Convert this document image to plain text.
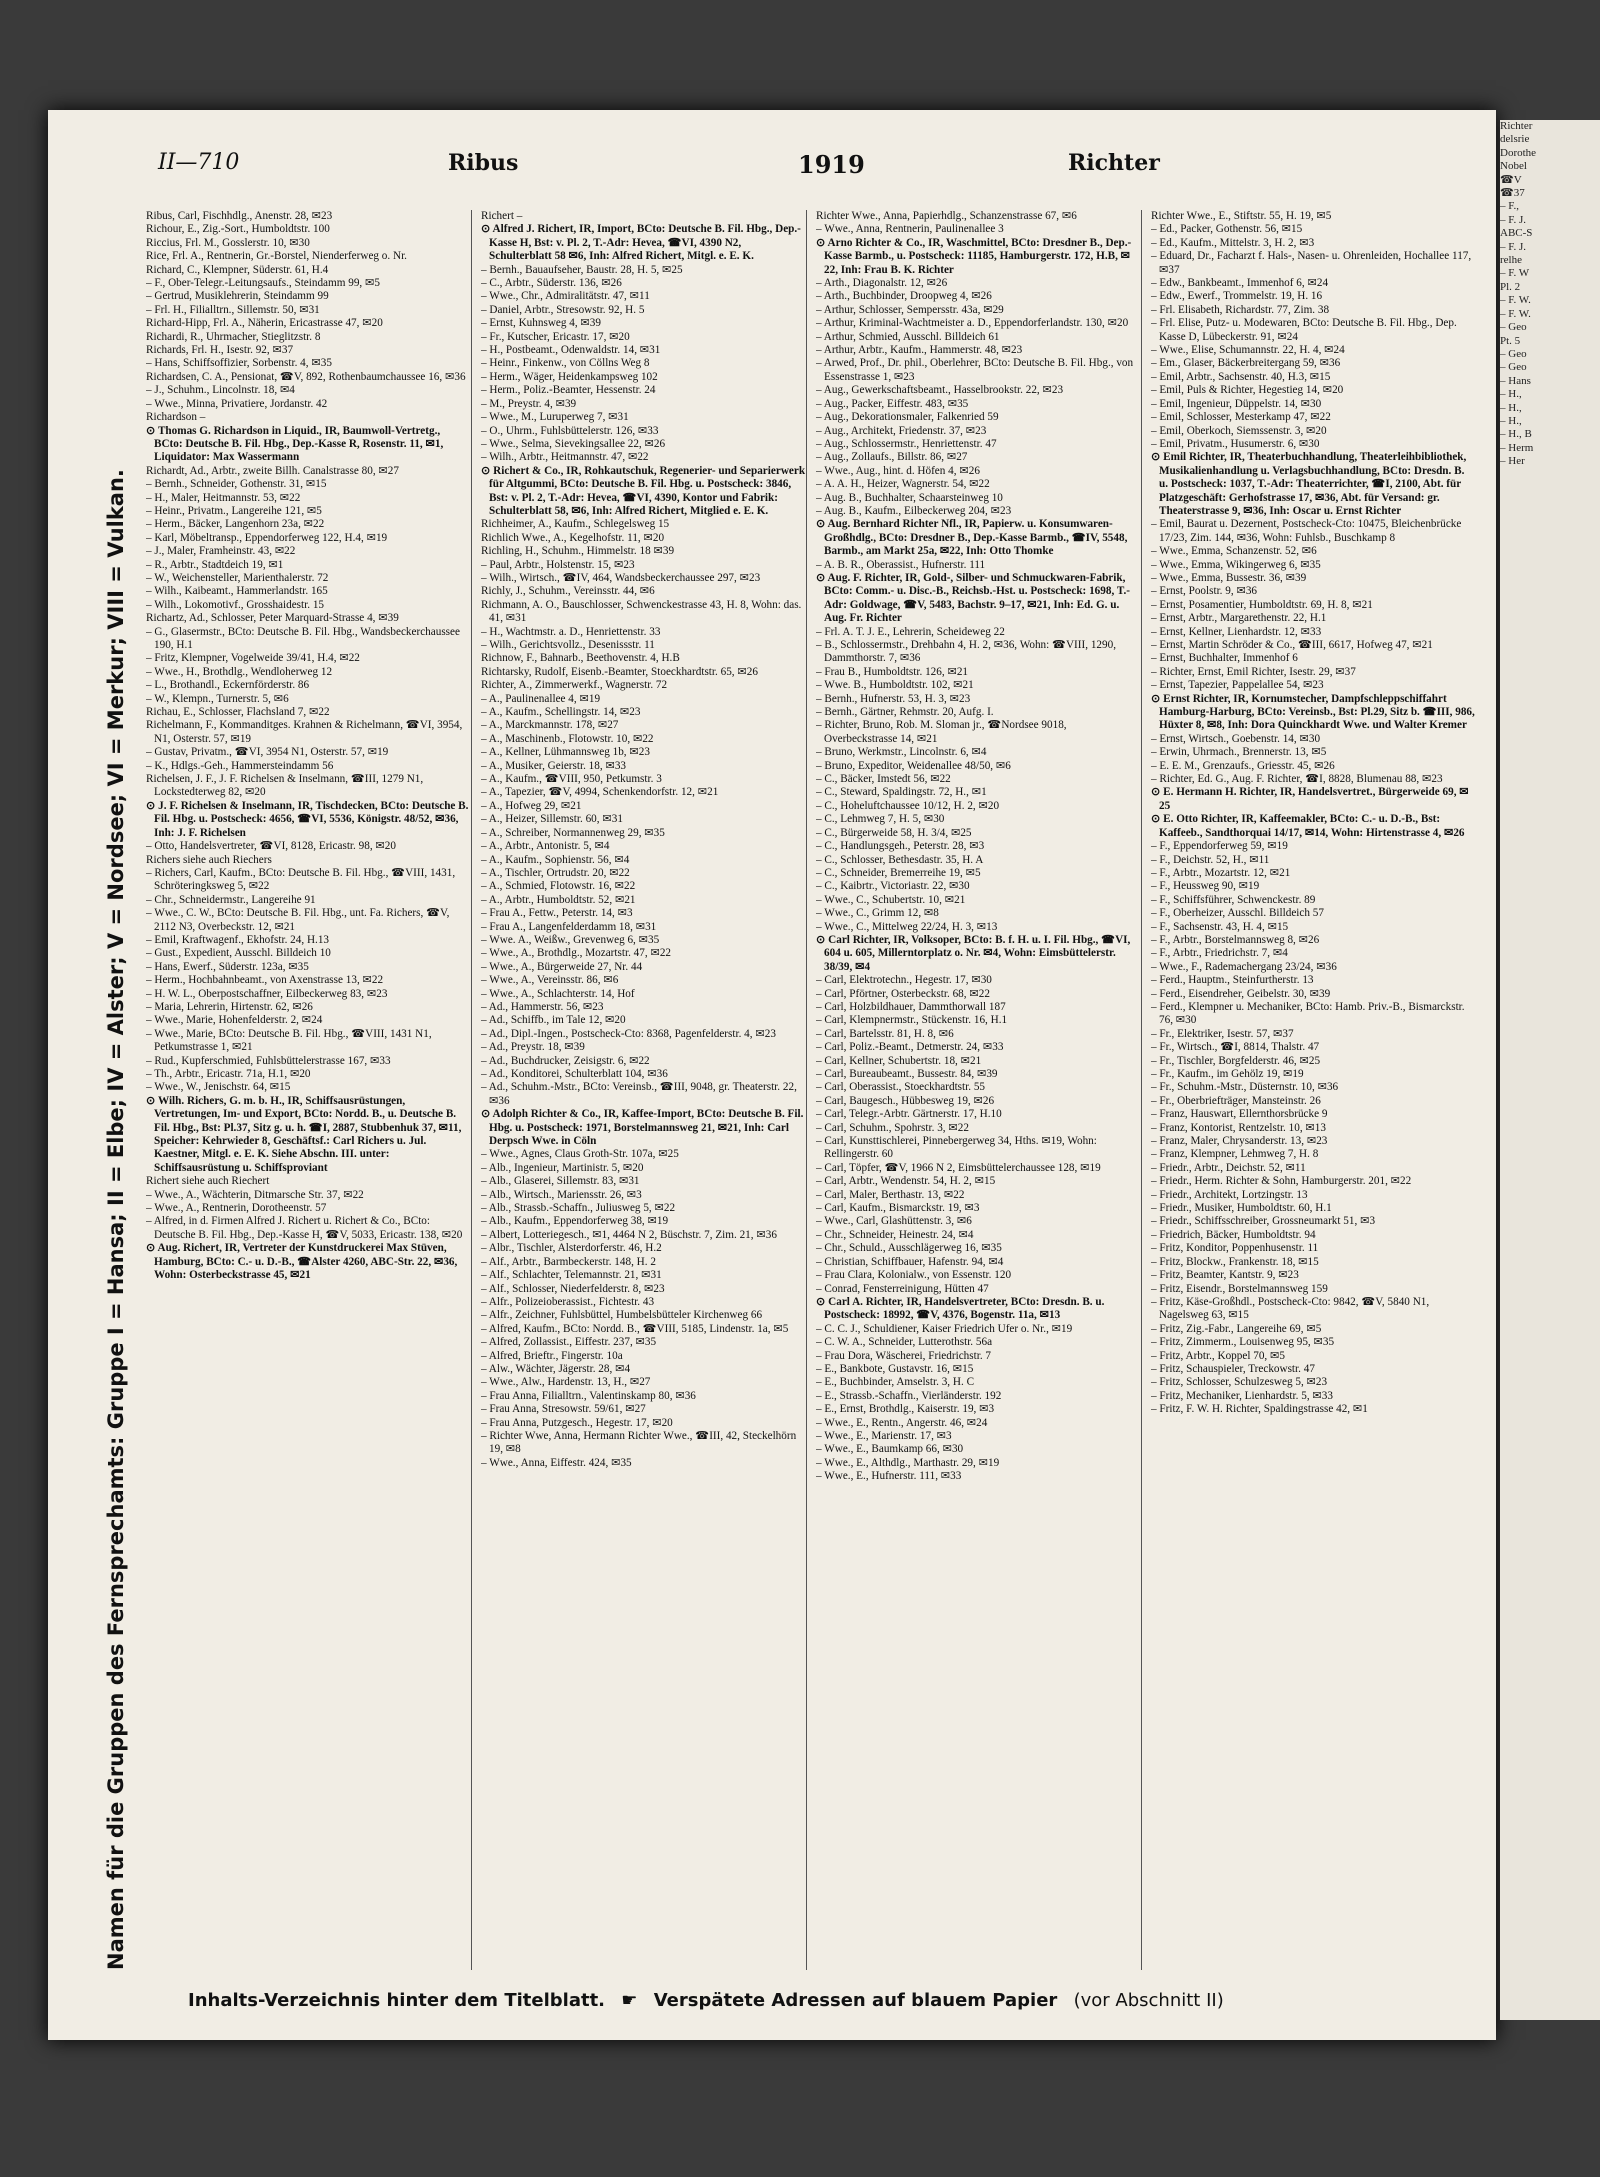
II—710	Ribus	1919	Richter
Namen für die Gruppen des Fernsprechamts: Gruppe I = Hansa; II = Elbe; IV = Alster; V = Nordsee; VI = Merkur; VIII = Vulkan.

Ribus, Carl, Fischhdlg., Anenstr. 28, ✉23

Richour, E., Zig.-Sort., Humboldtstr. 100

Riccius, Frl. M., Gosslerstr. 10, ✉30

Rice, Frl. A., Rentnerin, Gr.-Borstel, Nienderferweg o. Nr.

Richard, C., Klempner, Süderstr. 61, H.4

– F., Ober-Telegr.-Leitungsaufs., Steindamm 99, ✉5

– Gertrud, Musiklehrerin, Steindamm 99

– Frl. H., Filialltrn., Sillemstr. 50, ✉31

Richard-Hipp, Frl. A., Näherin, Ericastrasse 47, ✉20

Richardi, R., Uhrmacher, Stieglitzstr. 8

Richards, Frl. H., Isestr. 92, ✉37

– Hans, Schiffsoffizier, Sorbenstr. 4, ✉35

Richardsen, C. A., Pensionat, ☎V, 892, Rothenbaumchaussee 16, ✉36

– J., Schuhm., Lincolnstr. 18, ✉4

– Wwe., Minna, Privatiere, Jordanstr. 42

Richardson –

⊙ Thomas G. Richardson in Liquid., IR, Baumwoll-Vertretg., BCto: Deutsche B. Fil. Hbg., Dep.-Kasse R, Rosenstr. 11, ✉1, Liquidator: Max Wassermann

Richardt, Ad., Arbtr., zweite Billh. Canalstrasse 80, ✉27

– Bernh., Schneider, Gothenstr. 31, ✉15

– H., Maler, Heitmannstr. 53, ✉22

– Heinr., Privatm., Langereihe 121, ✉5

– Herm., Bäcker, Langenhorn 23a, ✉22

– Karl, Möbeltransp., Eppendorferweg 122, H.4, ✉19

– J., Maler, Framheinstr. 43, ✉22

– R., Arbtr., Stadtdeich 19, ✉1

– W., Weichensteller, Marienthalerstr. 72

– Wilh., Kaibeamt., Hammerlandstr. 165

– Wilh., Lokomotivf., Grosshaidestr. 15

Richartz, Ad., Schlosser, Peter Marquard-Strasse 4, ✉39

– G., Glasermstr., BCto: Deutsche B. Fil. Hbg., Wandsbeckerchaussee 190, H.1

– Fritz, Klempner, Vogelweide 39/41, H.4, ✉22

– Wwe., H., Brothdlg., Wendloherweg 12

– L., Brothandl., Eckernförderstr. 86

– W., Klempn., Turnerstr. 5, ✉6

Richau, E., Schlosser, Flachsland 7, ✉22

Richelmann, F., Kommanditges. Krahnen & Richelmann, ☎VI, 3954, N1, Osterstr. 57, ✉19

– Gustav, Privatm., ☎VI, 3954 N1, Osterstr. 57, ✉19

– K., Hdlgs.-Geh., Hammersteindamm 56

Richelsen, J. F., J. F. Richelsen & Inselmann, ☎III, 1279 N1, Lockstedterweg 82, ✉20

⊙ J. F. Richelsen & Inselmann, IR, Tischdecken, BCto: Deutsche B. Fil. Hbg. u. Postscheck: 4656, ☎VI, 5536, Königstr. 48/52, ✉36, Inh: J. F. Richelsen

– Otto, Handelsvertreter, ☎VI, 8128, Ericastr. 98, ✉20

Richers siehe auch Riechers

– Richers, Carl, Kaufm., BCto: Deutsche B. Fil. Hbg., ☎VIII, 1431, Schröteringksweg 5, ✉22

– Chr., Schneidermstr., Langereihe 91

– Wwe., C. W., BCto: Deutsche B. Fil. Hbg., unt. Fa. Richers, ☎V, 2112 N3, Overbeckstr. 12, ✉21

– Emil, Kraftwagenf., Ekhofstr. 24, H.13

– Gust., Expedient, Ausschl. Billdeich 10

– Hans, Ewerf., Süderstr. 123a, ✉35

– Herm., Hochbahnbeamt., von Axenstrasse 13, ✉22

– H. W. L., Oberpostschaffner, Eilbeckerweg 83, ✉23

– Maria, Lehrerin, Hirtenstr. 62, ✉26

– Wwe., Marie, Hohenfelderstr. 2, ✉24

– Wwe., Marie, BCto: Deutsche B. Fil. Hbg., ☎VIII, 1431 N1, Petkumstrasse 1, ✉21

– Rud., Kupferschmied, Fuhlsbüttelerstrasse 167, ✉33

– Th., Arbtr., Ericastr. 71a, H.1, ✉20

– Wwe., W., Jenischstr. 64, ✉15

⊙ Wilh. Richers, G. m. b. H., IR, Schiffsausrüstungen, Vertretungen, Im- und Export, BCto: Nordd. B., u. Deutsche B. Fil. Hbg., Bst: Pl.37, Sitz g. u. h. ☎I, 2887, Stubbenhuk 37, ✉11, Speicher: Kehrwieder 8, Geschäftsf.: Carl Richers u. Jul. Kaestner, Mitgl. e. E. K. Siehe Abschn. III. unter: Schiffsausrüstung u. Schiffsproviant

Richert siehe auch Riechert

– Wwe., A., Wächterin, Ditmarsche Str. 37, ✉22

– Wwe., A., Rentnerin, Dorotheenstr. 57

– Alfred, in d. Firmen Alfred J. Richert u. Richert & Co., BCto: Deutsche B. Fil. Hbg., Dep.-Kasse H, ☎V, 5033, Ericastr. 138, ✉20

⊙ Aug. Richert, IR, Vertreter der Kunstdruckerei Max Stüven, Hamburg, BCto: C.- u. D.-B., ☎Alster 4260, ABC-Str. 22, ✉36, Wohn: Osterbeckstrasse 45, ✉21

Richert –

⊙ Alfred J. Richert, IR, Import, BCto: Deutsche B. Fil. Hbg., Dep.-Kasse H, Bst: v. Pl. 2, T.-Adr: Hevea, ☎VI, 4390 N2, Schulterblatt 58 ✉6, Inh: Alfred Richert, Mitgl. e. E. K.

– Bernh., Bauaufseher, Baustr. 28, H. 5, ✉25

– C., Arbtr., Süderstr. 136, ✉26

– Wwe., Chr., Admiralitätstr. 47, ✉11

– Daniel, Arbtr., Stresowstr. 92, H. 5

– Ernst, Kuhnsweg 4, ✉39

– Fr., Kutscher, Ericastr. 17, ✉20

– H., Postbeamt., Odenwaldstr. 14, ✉31

– Heinr., Finkenw., von Cöllns Weg 8

– Herm., Wäger, Heidenkampsweg 102

– Herm., Poliz.-Beamter, Hessenstr. 24

– M., Preystr. 4, ✉39

– Wwe., M., Luruperweg 7, ✉31

– O., Uhrm., Fuhlsbüttelerstr. 126, ✉33

– Wwe., Selma, Sievekingsallee 22, ✉26

– Wilh., Arbtr., Heitmannstr. 47, ✉22

⊙ Richert & Co., IR, Rohkautschuk, Regenerier- und Separierwerk für Altgummi, BCto: Deutsche B. Fil. Hbg. u. Postscheck: 3846, Bst: v. Pl. 2, T.-Adr: Hevea, ☎VI, 4390, Kontor und Fabrik: Schulterblatt 58, ✉6, Inh: Alfred Richert, Mitglied e. E. K.

Richheimer, A., Kaufm., Schlegelsweg 15

Richlich Wwe., A., Kegelhofstr. 11, ✉20

Richling, H., Schuhm., Himmelstr. 18 ✉39

– Paul, Arbtr., Holstenstr. 15, ✉23

– Wilh., Wirtsch., ☎IV, 464, Wandsbeckerchaussee 297, ✉23

Richly, J., Schuhm., Vereinsstr. 44, ✉6

Richmann, A. O., Bauschlosser, Schwenckestrasse 43, H. 8, Wohn: das. 41, ✉31

– H., Wachtmstr. a. D., Henriettenstr. 33

– Wilh., Gerichtsvollz., Desenissstr. 11

Richnow, F., Bahnarb., Beethovenstr. 4, H.B

Richtarsky, Rudolf, Eisenb.-Beamter, Stoeckhardtstr. 65, ✉26

Richter, A., Zimmerwerkf., Wagnerstr. 72

– A., Paulinenallee 4, ✉19

– A., Kaufm., Schellingstr. 14, ✉23

– A., Marckmannstr. 178, ✉27

– A., Maschinenb., Flotowstr. 10, ✉22

– A., Kellner, Lühmannsweg 1b, ✉23

– A., Musiker, Geierstr. 18, ✉33

– A., Kaufm., ☎VIII, 950, Petkumstr. 3

– A., Tapezier, ☎V, 4994, Schenkendorfstr. 12, ✉21

– A., Hofweg 29, ✉21

– A., Heizer, Sillemstr. 60, ✉31

– A., Schreiber, Normannenweg 29, ✉35

– A., Arbtr., Antonistr. 5, ✉4

– A., Kaufm., Sophienstr. 56, ✉4

– A., Tischler, Ortrudstr. 20, ✉22

– A., Schmied, Flotowstr. 16, ✉22

– A., Arbtr., Humboldtstr. 52, ✉21

– Frau A., Fettw., Peterstr. 14, ✉3

– Frau A., Langenfelderdamm 18, ✉31

– Wwe. A., Weißw., Grevenweg 6, ✉35

– Wwe., A., Brothdlg., Mozartstr. 47, ✉22

– Wwe., A., Bürgerweide 27, Nr. 44

– Wwe., A., Vereinsstr. 86, ✉6

– Wwe., A., Schlachterstr. 14, Hof

– Ad., Hammerstr. 56, ✉23

– Ad., Schiffb., im Tale 12, ✉20

– Ad., Dipl.-Ingen., Postscheck-Cto: 8368, Pagenfelderstr. 4, ✉23

– Ad., Preystr. 18, ✉39

– Ad., Buchdrucker, Zeisigstr. 6, ✉22

– Ad., Konditorei, Schulterblatt 104, ✉36

– Ad., Schuhm.-Mstr., BCto: Vereinsb., ☎III, 9048, gr. Theaterstr. 22, ✉36

⊙ Adolph Richter & Co., IR, Kaffee-Import, BCto: Deutsche B. Fil. Hbg. u. Postscheck: 1971, Borstelmannsweg 21, ✉21, Inh: Carl Derpsch Wwe. in Cöln

– Wwe., Agnes, Claus Groth-Str. 107a, ✉25

– Alb., Ingenieur, Martinistr. 5, ✉20

– Alb., Glaserei, Sillemstr. 83, ✉31

– Alb., Wirtsch., Mariensstr. 26, ✉3

– Alb., Strassb.-Schaffn., Juliusweg 5, ✉22

– Alb., Kaufm., Eppendorferweg 38, ✉19

– Albert, Lotteriegesch., ✉1, 4464 N 2, Büschstr. 7, Zim. 21, ✉36

– Albr., Tischler, Alsterdorferstr. 46, H.2

– Alf., Arbtr., Barmbeckerstr. 148, H. 2

– Alf., Schlachter, Telemannstr. 21, ✉31

– Alf., Schlosser, Niederfelderstr. 8, ✉23

– Alfr., Polizeioberassist., Fichtestr. 43

– Alfr., Zeichner, Fuhlsbüttel, Humbelsbütteler Kirchenweg 66

– Alfred, Kaufm., BCto: Nordd. B., ☎VIII, 5185, Lindenstr. 1a, ✉5

– Alfred, Zollassist., Eiffestr. 237, ✉35

– Alfred, Brieftr., Fingerstr. 10a

– Alw., Wächter, Jägerstr. 28, ✉4

– Wwe., Alw., Hardenstr. 13, H., ✉27

– Frau Anna, Filialltrn., Valentinskamp 80, ✉36

– Frau Anna, Stresowstr. 59/61, ✉27

– Frau Anna, Putzgesch., Hegestr. 17, ✉20

– Richter Wwe, Anna, Hermann Richter Wwe., ☎III, 42, Steckelhörn 19, ✉8

– Wwe., Anna, Eiffestr. 424, ✉35

Richter Wwe., Anna, Papierhdlg., Schanzenstrasse 67, ✉6

– Wwe., Anna, Rentnerin, Paulinenallee 3

⊙ Arno Richter & Co., IR, Waschmittel, BCto: Dresdner B., Dep.-Kasse Barmb., u. Postscheck: 11185, Hamburgerstr. 172, H.B, ✉22, Inh: Frau B. K. Richter

– Arth., Diagonalstr. 12, ✉26

– Arth., Buchbinder, Droopweg 4, ✉26

– Arthur, Schlosser, Sempersstr. 43a, ✉29

– Arthur, Kriminal-Wachtmeister a. D., Eppendorferlandstr. 130, ✉20

– Arthur, Schmied, Ausschl. Billdeich 61

– Arthur, Arbtr., Kaufm., Hammerstr. 48, ✉23

– Arwed, Prof., Dr. phil., Oberlehrer, BCto: Deutsche B. Fil. Hbg., von Essenstrasse 1, ✉23

– Aug., Gewerkschaftsbeamt., Hasselbrookstr. 22, ✉23

– Aug., Packer, Eiffestr. 483, ✉35

– Aug., Dekorationsmaler, Falkenried 59

– Aug., Architekt, Friedenstr. 37, ✉23

– Aug., Schlossermstr., Henriettenstr. 47

– Aug., Zollaufs., Billstr. 86, ✉27

– Wwe., Aug., hint. d. Höfen 4, ✉26

– A. A. H., Heizer, Wagnerstr. 54, ✉22

– Aug. B., Buchhalter, Schaarsteinweg 10

– Aug. B., Kaufm., Eilbeckerweg 204, ✉23

⊙ Aug. Bernhard Richter Nfl., IR, Papierw. u. Konsumwaren-Großhdlg., BCto: Dresdner B., Dep.-Kasse Barmb., ☎IV, 5548, Barmb., am Markt 25a, ✉22, Inh: Otto Thomke

– A. B. R., Oberassist., Hufnerstr. 111

⊙ Aug. F. Richter, IR, Gold-, Silber- und Schmuckwaren-Fabrik, BCto: Comm.- u. Disc.-B., Reichsb.-Hst. u. Postscheck: 1698, T.-Adr: Goldwage, ☎V, 5483, Bachstr. 9–17, ✉21, Inh: Ed. G. u. Aug. Fr. Richter

– Frl. A. T. J. E., Lehrerin, Scheideweg 22

– B., Schlossermstr., Drehbahn 4, H. 2, ✉36, Wohn: ☎VIII, 1290, Dammthorstr. 7, ✉36

– Frau B., Humboldtstr. 126, ✉21

– Wwe. B., Humboldtstr. 102, ✉21

– Bernh., Hufnerstr. 53, H. 3, ✉23

– Bernh., Gärtner, Rehmstr. 20, Aufg. I.

– Richter, Bruno, Rob. M. Sloman jr., ☎Nordsee 9018, Overbeckstrasse 14, ✉21

– Bruno, Werkmstr., Lincolnstr. 6, ✉4

– Bruno, Expeditor, Weidenallee 48/50, ✉6

– C., Bäcker, Imstedt 56, ✉22

– C., Steward, Spaldingstr. 72, H., ✉1

– C., Hoheluftchaussee 10/12, H. 2, ✉20

– C., Lehmweg 7, H. 5, ✉30

– C., Bürgerweide 58, H. 3/4, ✉25

– C., Handlungsgeh., Peterstr. 28, ✉3

– C., Schlosser, Bethesdastr. 35, H. A

– C., Schneider, Bremerreihe 19, ✉5

– C., Kaibrtr., Victoriastr. 22, ✉30

– Wwe., C., Schubertstr. 10, ✉21

– Wwe., C., Grimm 12, ✉8

– Wwe., C., Mittelweg 22/24, H. 3, ✉13

⊙ Carl Richter, IR, Volksoper, BCto: B. f. H. u. I. Fil. Hbg., ☎VI, 604 u. 605, Millerntorplatz o. Nr. ✉4, Wohn: Eimsbüttelerstr. 38/39, ✉4

– Carl, Elektrotechn., Hegestr. 17, ✉30

– Carl, Pförtner, Osterbeckstr. 68, ✉22

– Carl, Holzbildhauer, Dammthorwall 187

– Carl, Klempnermstr., Stückenstr. 16, H.1

– Carl, Bartelsstr. 81, H. 8, ✉6

– Carl, Poliz.-Beamt., Detmerstr. 24, ✉33

– Carl, Kellner, Schubertstr. 18, ✉21

– Carl, Bureaubeamt., Bussestr. 84, ✉39

– Carl, Oberassist., Stoeckhardtstr. 55

– Carl, Baugesch., Hübbesweg 19, ✉26

– Carl, Telegr.-Arbtr. Gärtnerstr. 17, H.10

– Carl, Schuhm., Spohrstr. 3, ✉22

– Carl, Kunsttischlerei, Pinnebergerweg 34, Hths. ✉19, Wohn: Rellingerstr. 60

– Carl, Töpfer, ☎V, 1966 N 2, Eimsbüttelerchaussee 128, ✉19

– Carl, Arbtr., Wendenstr. 54, H. 2, ✉15

– Carl, Maler, Berthastr. 13, ✉22

– Carl, Kaufm., Bismarckstr. 19, ✉3

– Wwe., Carl, Glashüttenstr. 3, ✉6

– Chr., Schneider, Heinestr. 24, ✉4

– Chr., Schuld., Ausschlägerweg 16, ✉35

– Christian, Schiffbauer, Hafenstr. 94, ✉4

– Frau Clara, Kolonialw., von Essenstr. 120

– Conrad, Fensterreinigung, Hütten 47

⊙ Carl A. Richter, IR, Handelsvertreter, BCto: Dresdn. B. u. Postscheck: 18992, ☎V, 4376, Bogenstr. 11a, ✉13

– C. C. J., Schuldiener, Kaiser Friedrich Ufer o. Nr., ✉19

– C. W. A., Schneider, Lutterothstr. 56a

– Frau Dora, Wäscherei, Friedrichstr. 7

– E., Bankbote, Gustavstr. 16, ✉15

– E., Buchbinder, Amselstr. 3, H. C

– E., Strassb.-Schaffn., Vierländerstr. 192

– E., Ernst, Brothdlg., Kaiserstr. 19, ✉3

– Wwe., E., Rentn., Angerstr. 46, ✉24

– Wwe., E., Marienstr. 17, ✉3

– Wwe., E., Baumkamp 66, ✉30

– Wwe., E., Althdlg., Marthastr. 29, ✉19

– Wwe., E., Hufnerstr. 111, ✉33

Richter Wwe., E., Stiftstr. 55, H. 19, ✉5

– Ed., Packer, Gothenstr. 56, ✉15

– Ed., Kaufm., Mittelstr. 3, H. 2, ✉3

– Eduard, Dr., Facharzt f. Hals-, Nasen- u. Ohrenleiden, Hochallee 117, ✉37

– Edw., Bankbeamt., Immenhof 6, ✉24

– Edw., Ewerf., Trommelstr. 19, H. 16

– Frl. Elisabeth, Richardstr. 77, Zim. 38

– Frl. Elise, Putz- u. Modewaren, BCto: Deutsche B. Fil. Hbg., Dep. Kasse D, Lübeckerstr. 91, ✉24

– Wwe., Elise, Schumannstr. 22, H. 4, ✉24

– Em., Glaser, Bäckerbreitergang 59, ✉36

– Emil, Arbtr., Sachsenstr. 40, H.3, ✉15

– Emil, Puls & Richter, Hegestieg 14, ✉20

– Emil, Ingenieur, Düppelstr. 14, ✉30

– Emil, Schlosser, Mesterkamp 47, ✉22

– Emil, Oberkoch, Siemssenstr. 3, ✉20

– Emil, Privatm., Husumerstr. 6, ✉30

⊙ Emil Richter, IR, Theaterbuchhandlung, Theaterleihbibliothek, Musikalienhandlung u. Verlagsbuchhandlung, BCto: Dresdn. B. u. Postscheck: 1037, T.-Adr: Theaterrichter, ☎I, 2100, Abt. für Platzgeschäft: Gerhofstrasse 17, ✉36, Abt. für Versand: gr. Theaterstrasse 9, ✉36, Inh: Oscar u. Ernst Richter

– Emil, Baurat u. Dezernent, Postscheck-Cto: 10475, Bleichenbrücke 17/23, Zim. 144, ✉36, Wohn: Fuhlsb., Buschkamp 8

– Wwe., Emma, Schanzenstr. 52, ✉6

– Wwe., Emma, Wikingerweg 6, ✉35

– Wwe., Emma, Bussestr. 36, ✉39

– Ernst, Poolstr. 9, ✉36

– Ernst, Posamentier, Humboldtstr. 69, H. 8, ✉21

– Ernst, Arbtr., Margarethenstr. 22, H.1

– Ernst, Kellner, Lienhardstr. 12, ✉33

– Ernst, Martin Schröder & Co., ☎III, 6617, Hofweg 47, ✉21

– Ernst, Buchhalter, Immenhof 6

– Richter, Ernst, Emil Richter, Isestr. 29, ✉37

– Ernst, Tapezier, Pappelallee 54, ✉23

⊙ Ernst Richter, IR, Kornumstecher, Dampfschleppschiffahrt Hamburg-Harburg, BCto: Vereinsb., Bst: Pl.29, Sitz b. ☎III, 986, Hüxter 8, ✉8, Inh: Dora Quinckhardt Wwe. und Walter Kremer

– Ernst, Wirtsch., Goebenstr. 14, ✉30

– Erwin, Uhrmach., Brennerstr. 13, ✉5

– E. E. M., Grenzaufs., Griesstr. 45, ✉26

– Richter, Ed. G., Aug. F. Richter, ☎I, 8828, Blumenau 88, ✉23

⊙ E. Hermann H. Richter, IR, Handelsvertret., Bürgerweide 69, ✉25

⊙ E. Otto Richter, IR, Kaffeemakler, BCto: C.- u. D.-B., Bst: Kaffeeb., Sandthorquai 14/17, ✉14, Wohn: Hirtenstrasse 4, ✉26

– F., Eppendorferweg 59, ✉19

– F., Deichstr. 52, H., ✉11

– F., Arbtr., Mozartstr. 12, ✉21

– F., Heussweg 90, ✉19

– F., Schiffsführer, Schwenckestr. 89

– F., Oberheizer, Ausschl. Billdeich 57

– F., Sachsenstr. 43, H. 4, ✉15

– F., Arbtr., Borstelmannsweg 8, ✉26

– F., Arbtr., Friedrichstr. 7, ✉4

– Wwe., F., Rademachergang 23/24, ✉36

– Ferd., Hauptm., Steinfurtherstr. 13

– Ferd., Eisendreher, Geibelstr. 30, ✉39

– Ferd., Klempner u. Mechaniker, BCto: Hamb. Priv.-B., Bismarckstr. 76, ✉30

– Fr., Elektriker, Isestr. 57, ✉37

– Fr., Wirtsch., ☎I, 8814, Thalstr. 47

– Fr., Tischler, Borgfelderstr. 46, ✉25

– Fr., Kaufm., im Gehölz 19, ✉19

– Fr., Schuhm.-Mstr., Düsternstr. 10, ✉36

– Fr., Oberbriefträger, Mansteinstr. 26

– Franz, Hauswart, Ellernthorsbrücke 9

– Franz, Kontorist, Rentzelstr. 10, ✉13

– Franz, Maler, Chrysanderstr. 13, ✉23

– Franz, Klempner, Lehmweg 7, H. 8

– Friedr., Arbtr., Deichstr. 52, ✉11

– Friedr., Herm. Richter & Sohn, Hamburgerstr. 201, ✉22

– Friedr., Architekt, Lortzingstr. 13

– Friedr., Musiker, Humboldtstr. 60, H.1

– Friedr., Schiffsschreiber, Grossneumarkt 51, ✉3

– Friedrich, Bäcker, Humboldtstr. 94

– Fritz, Konditor, Poppenhusenstr. 11

– Fritz, Blockw., Frankenstr. 18, ✉15

– Fritz, Beamter, Kantstr. 9, ✉23

– Fritz, Eisendr., Borstelmannsweg 159

– Fritz, Käse-Großhdl., Postscheck-Cto: 9842, ☎V, 5840 N1, Nagelsweg 63, ✉15

– Fritz, Zig.-Fabr., Langereihe 69, ✉5

– Fritz, Zimmerm., Louisenweg 95, ✉35

– Fritz, Arbtr., Koppel 70, ✉5

– Fritz, Schauspieler, Treckowstr. 47

– Fritz, Schlosser, Schulzesweg 5, ✉23

– Fritz, Mechaniker, Lienhardstr. 5, ✉33

– Fritz, F. W. H. Richter, Spaldingstrasse 42, ✉1

Inhalts-Verzeichnis hinter dem Titelblatt. ☛ Verspätete Adressen auf blauem Papier (vor Abschnitt II)

Richter

delsrie

Dorothe

Nobel

☎V

☎37

– F.,

– F. J.

ABC-S

– F. J.

relhe

– F. W

Pl. 2

– F. W.

– F. W.

– Geo

Pt. 5

– Geo

– Geo

– Hans

– H.,

– H.,

– H.,

– H., B

– Herm

– Her
